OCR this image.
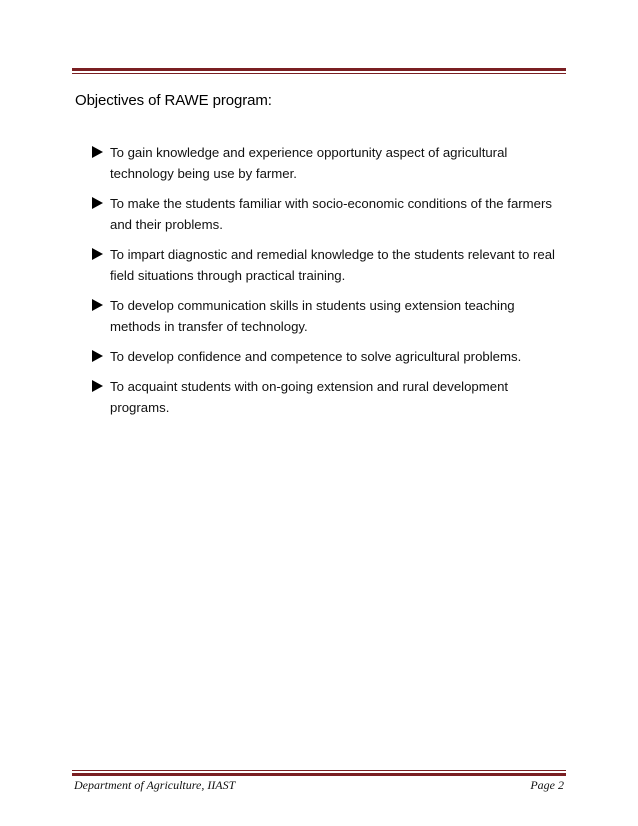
Objectives of RAWE program:
To gain knowledge and experience opportunity aspect of agricultural technology being use by farmer.
To make the students familiar with socio-economic conditions of the farmers and their problems.
To impart diagnostic and remedial knowledge to the students relevant to real field situations through practical training.
To develop communication skills in students using extension teaching methods in transfer of technology.
To develop confidence and competence to solve agricultural problems.
To acquaint students with on-going extension and rural development programs.
Department of Agriculture, IIAST	Page 2
